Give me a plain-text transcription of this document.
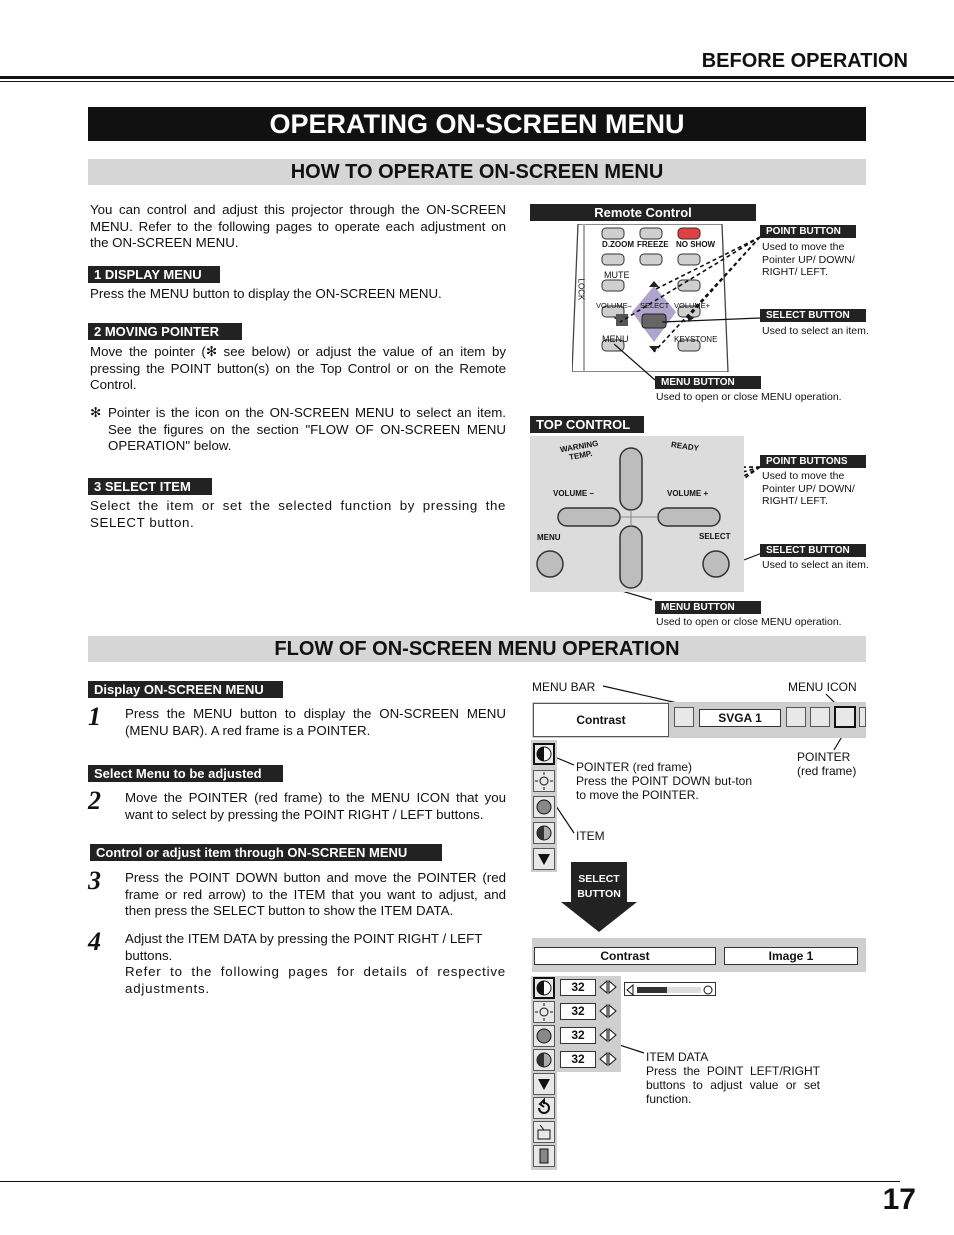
BEFORE OPERATION
OPERATING ON-SCREEN MENU
HOW TO OPERATE ON-SCREEN MENU
You can control and adjust this projector through the ON-SCREEN MENU. Refer to the following pages to operate each adjustment on the ON-SCREEN MENU.
1 DISPLAY MENU
Press the MENU button to display the ON-SCREEN MENU.
2 MOVING POINTER
Move the pointer (✻ see below) or adjust the value of an item by pressing the POINT button(s) on the Top Control or on the Remote Control.
✻ Pointer is the icon on the ON-SCREEN MENU to select an item. See the figures on the section "FLOW OF ON-SCREEN MENU OPERATION" below.
3 SELECT ITEM
Select the item or set the selected function by pressing the SELECT button.
Remote Control
D.ZOOM FREEZE NO SHOW
MUTE
LOCK
VOLUME– SELECT VOLUME+
MENU	KEYSTONE
POINT BUTTON
Used to move the Pointer UP/ DOWN/ RIGHT/ LEFT.
SELECT BUTTON
Used to select an item.
MENU BUTTON
Used to open or close MENU operation.
TOP CONTROL
WARNING TEMP.
READY
VOLUME –	VOLUME +
MENU	SELECT
POINT BUTTONS
Used to move the Pointer UP/ DOWN/ RIGHT/ LEFT.
SELECT BUTTON
Used to select an item.
MENU BUTTON
Used to open or close MENU operation.
FLOW OF ON-SCREEN MENU OPERATION
Display ON-SCREEN MENU
1 Press the MENU button to display the ON-SCREEN MENU (MENU BAR). A red frame is a POINTER.
Select Menu to be adjusted
2 Move the POINTER (red frame) to the MENU ICON that you want to select by pressing the POINT RIGHT / LEFT buttons.
Control or adjust item through ON-SCREEN MENU
3 Press the POINT DOWN button and move the POINTER (red frame or red arrow) to the ITEM that you want to adjust, and then press the SELECT button to show the ITEM DATA.
4 Adjust the ITEM DATA by pressing the POINT RIGHT / LEFT buttons.
Refer to the following pages for details of respective adjustments.
MENU BAR	MENU ICON
Contrast	SVGA 1
POINTER
(red frame)
POINTER (red frame)
Press the POINT DOWN but-ton to move the POINTER.
ITEM
SELECT
BUTTON
Contrast	Image 1
32
32
32
32	ITEM DATA
Press the POINT LEFT/RIGHT buttons to adjust value or set function.
17
